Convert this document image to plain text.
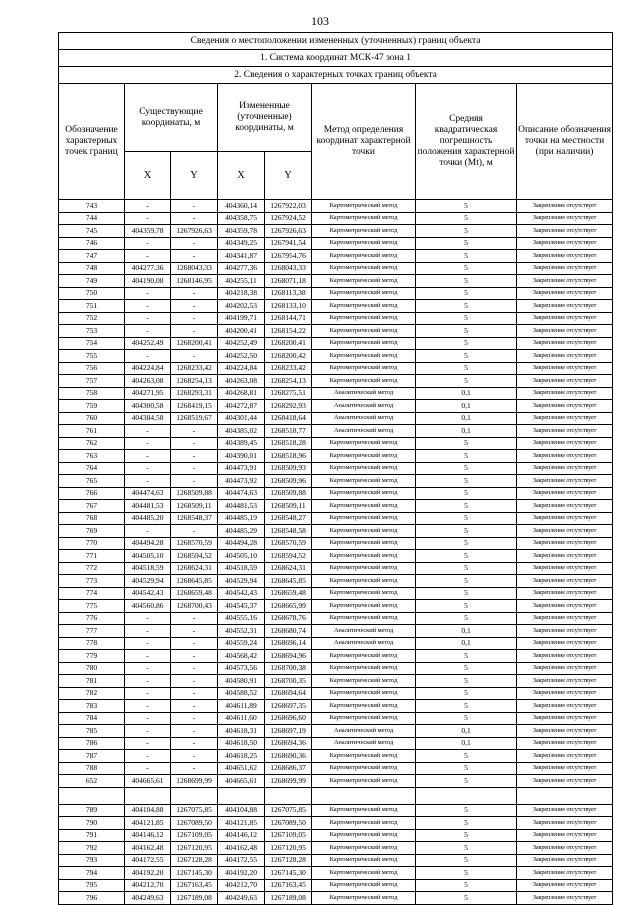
103
Сведения о местоположении измененных (уточненных) границ объекта							
1. Система координат МСК-47 зона 1							
2. Сведения о характерных точках границ объекта							
Обозначение характерных точек границ	Существующие координаты, м		Измененные (уточненные) координаты, м		Метод определения координат характерной точки	Средняя квадратическая погрешность положения характерной точки (Mt), м	Описание обозначения точки на местности (при наличии)
	X	Y	X	Y			
743	-	-	404360,14	1267922,03	Картометрический метод	5	Закрепление отсутствует
744	-	-	404358,75	1267924,52	Картометрический метод	5	Закрепление отсутствует
745	404359,78	1267926,63	404359,78	1267926,63	Картометрический метод	5	Закрепление отсутствует
746	-	-	404349,25	1267941,54	Картометрический метод	5	Закрепление отсутствует
747	-	-	404341,87	1267954,76	Картометрический метод	5	Закрепление отсутствует
748	404277,36	1268043,33	404277,36	1268043,33	Картометрический метод	5	Закрепление отсутствует
749	404190,08	1268146,95	404255,11	1268071,18	Картометрический метод	5	Закрепление отсутствует
750	-	-	404218,38	1268113,38	Картометрический метод	5	Закрепление отсутствует
751	-	-	404202,53	1268133,10	Картометрический метод	5	Закрепление отсутствует
752	-	-	404199,71	1268144,71	Картометрический метод	5	Закрепление отсутствует
753	-	-	404200,41	1268154,22	Картометрический метод	5	Закрепление отсутствует
754	404252,49	1268200,41	404252,49	1268200,41	Картометрический метод	5	Закрепление отсутствует
755	-	-	404252,50	1268200,42	Картометрический метод	5	Закрепление отсутствует
756	404224,84	1268233,42	404224,84	1268233,42	Картометрический метод	5	Закрепление отсутствует
757	404263,08	1268254,13	404263,08	1268254,13	Картометрический метод	5	Закрепление отсутствует
758	404271,95	1268293,31	404268,81	1268275,51	Аналитический метод	0,1	Закрепление отсутствует
759	404300,58	1268419,15	404272,87	1268292,93	Аналитический метод	0,1	Закрепление отсутствует
760	404384,58	1268519,67	404301,44	1268418,64	Аналитический метод	0,1	Закрепление отсутствует
761	-	-	404385,02	1268518,77	Аналитический метод	0,1	Закрепление отсутствует
762	-	-	404389,45	1268518,28	Картометрический метод	5	Закрепление отсутствует
763	-	-	404390,01	1268518,96	Картометрический метод	5	Закрепление отсутствует
764	-	-	404473,91	1268509,93	Картометрический метод	5	Закрепление отсутствует
765	-	-	404473,92	1268509,96	Картометрический метод	5	Закрепление отсутствует
766	404474,63	1268509,88	404474,63	1268509,88	Картометрический метод	5	Закрепление отсутствует
767	404481,53	1268509,11	404481,53	1268509,11	Картометрический метод	5	Закрепление отсутствует
768	404485,20	1268548,37	404485,19	1268548,27	Картометрический метод	5	Закрепление отсутствует
769	-	-	404485,29	1268548,58	Картометрический метод	5	Закрепление отсутствует
770	404494,28	1268570,59	404494,28	1268570,59	Картометрический метод	5	Закрепление отсутствует
771	404505,10	1268594,52	404505,10	1268594,52	Картометрический метод	5	Закрепление отсутствует
772	404518,59	1268624,31	404518,59	1268624,31	Картометрический метод	5	Закрепление отсутствует
773	404529,94	1268645,85	404529,94	1268645,85	Картометрический метод	5	Закрепление отсутствует
774	404542,43	1268659,48	404542,43	1268659,48	Картометрический метод	5	Закрепление отсутствует
775	404560,86	1268700,43	404545,37	1268665,99	Картометрический метод	5	Закрепление отсутствует
776	-	-	404555,16	1268678,76	Картометрический метод	5	Закрепление отсутствует
777	-	-	404552,31	1268680,74	Аналитический метод	0,1	Закрепление отсутствует
778	-	-	404559,24	1268696,14	Аналитический метод	0,1	Закрепление отсутствует
779	-	-	404568,42	1268694,96	Картометрический метод	5	Закрепление отсутствует
780	-	-	404573,56	1268700,38	Картометрический метод	5	Закрепление отсутствует
781	-	-	404580,91	1268700,35	Картометрический метод	5	Закрепление отсутствует
782	-	-	404588,52	1268694,64	Картометрический метод	5	Закрепление отсутствует
783	-	-	404611,89	1268697,35	Картометрический метод	5	Закрепление отсутствует
784	-	-	404611,60	1268696,60	Картометрический метод	5	Закрепление отсутствует
785	-	-	404618,31	1268697,19	Аналитический метод	0,1	Закрепление отсутствует
786	-	-	404618,50	1268694,36	Аналитический метод	0,1	Закрепление отсутствует
787	-	-	404618,25	1268690,36	Картометрический метод	5	Закрепление отсутствует
788	-	-	404651,62	1268686,37	Картометрический метод	5	Закрепление отсутствует
652	404665,61	1268699,99	404665,61	1268699,99	Картометрический метод	5	Закрепление отсутствует

789	404104,88	1267075,85	404104,88	1267075,85	Картометрический метод	5	Закрепление отсутствует
790	404121,85	1267089,50	404121,85	1267089,50	Картометрический метод	5	Закрепление отсутствует
791	404146,12	1267109,05	404146,12	1267109,05	Картометрический метод	5	Закрепление отсутствует
792	404162,48	1267120,95	404162,48	1267120,95	Картометрический метод	5	Закрепление отсутствует
793	404172,55	1267128,28	404172,55	1267128,28	Картометрический метод	5	Закрепление отсутствует
794	404192,20	1267145,30	404192,20	1267145,30	Картометрический метод	5	Закрепление отсутствует
795	404212,70	1267163,45	404212,70	1267163,45	Картометрический метод	5	Закрепление отсутствует
796	404249,63	1267189,08	404249,63	1267189,08	Картометрический метод	5	Закрепление отсутствует
